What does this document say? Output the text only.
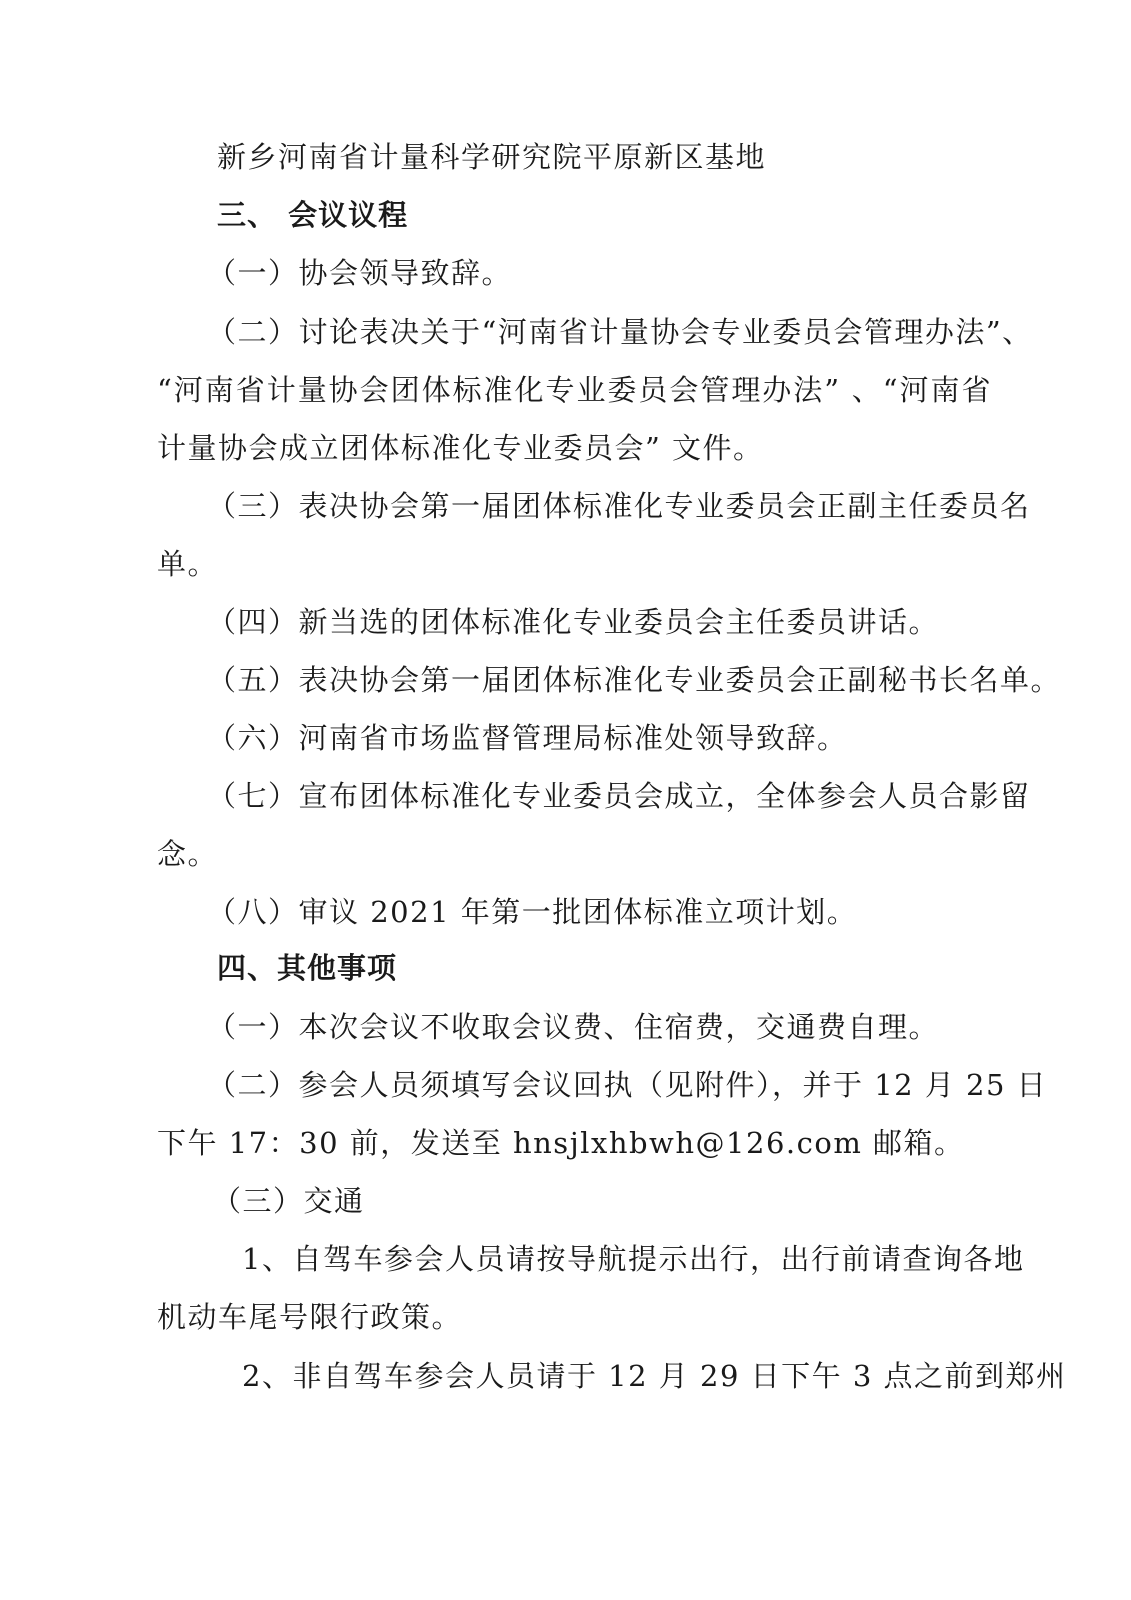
新乡河南省计量科学研究院平原新区基地
三、 会议议程
（一）协会领导致辞。
（二）讨论表决关于“河南省计量协会专业委员会管理办法”、
“河南省计量协会团体标准化专业委员会管理办法” 、“河南省
计量协会成立团体标准化专业委员会” 文件。
（三）表决协会第一届团体标准化专业委员会正副主任委员名
单。
（四）新当选的团体标准化专业委员会主任委员讲话。
（五）表决协会第一届团体标准化专业委员会正副秘书长名单。
（六）河南省市场监督管理局标准处领导致辞。
（七）宣布团体标准化专业委员会成立，全体参会人员合影留
念。
（八）审议 2021 年第一批团体标准立项计划。
四、其他事项
（一）本次会议不收取会议费、住宿费，交通费自理。
（二）参会人员须填写会议回执（见附件），并于 12 月 25 日
下午 17：30 前，发送至 hnsjlxhbwh@126.com 邮箱。
（三）交通
1、自驾车参会人员请按导航提示出行，出行前请查询各地
机动车尾号限行政策。
2、非自驾车参会人员请于 12 月 29 日下午 3 点之前到郑州
